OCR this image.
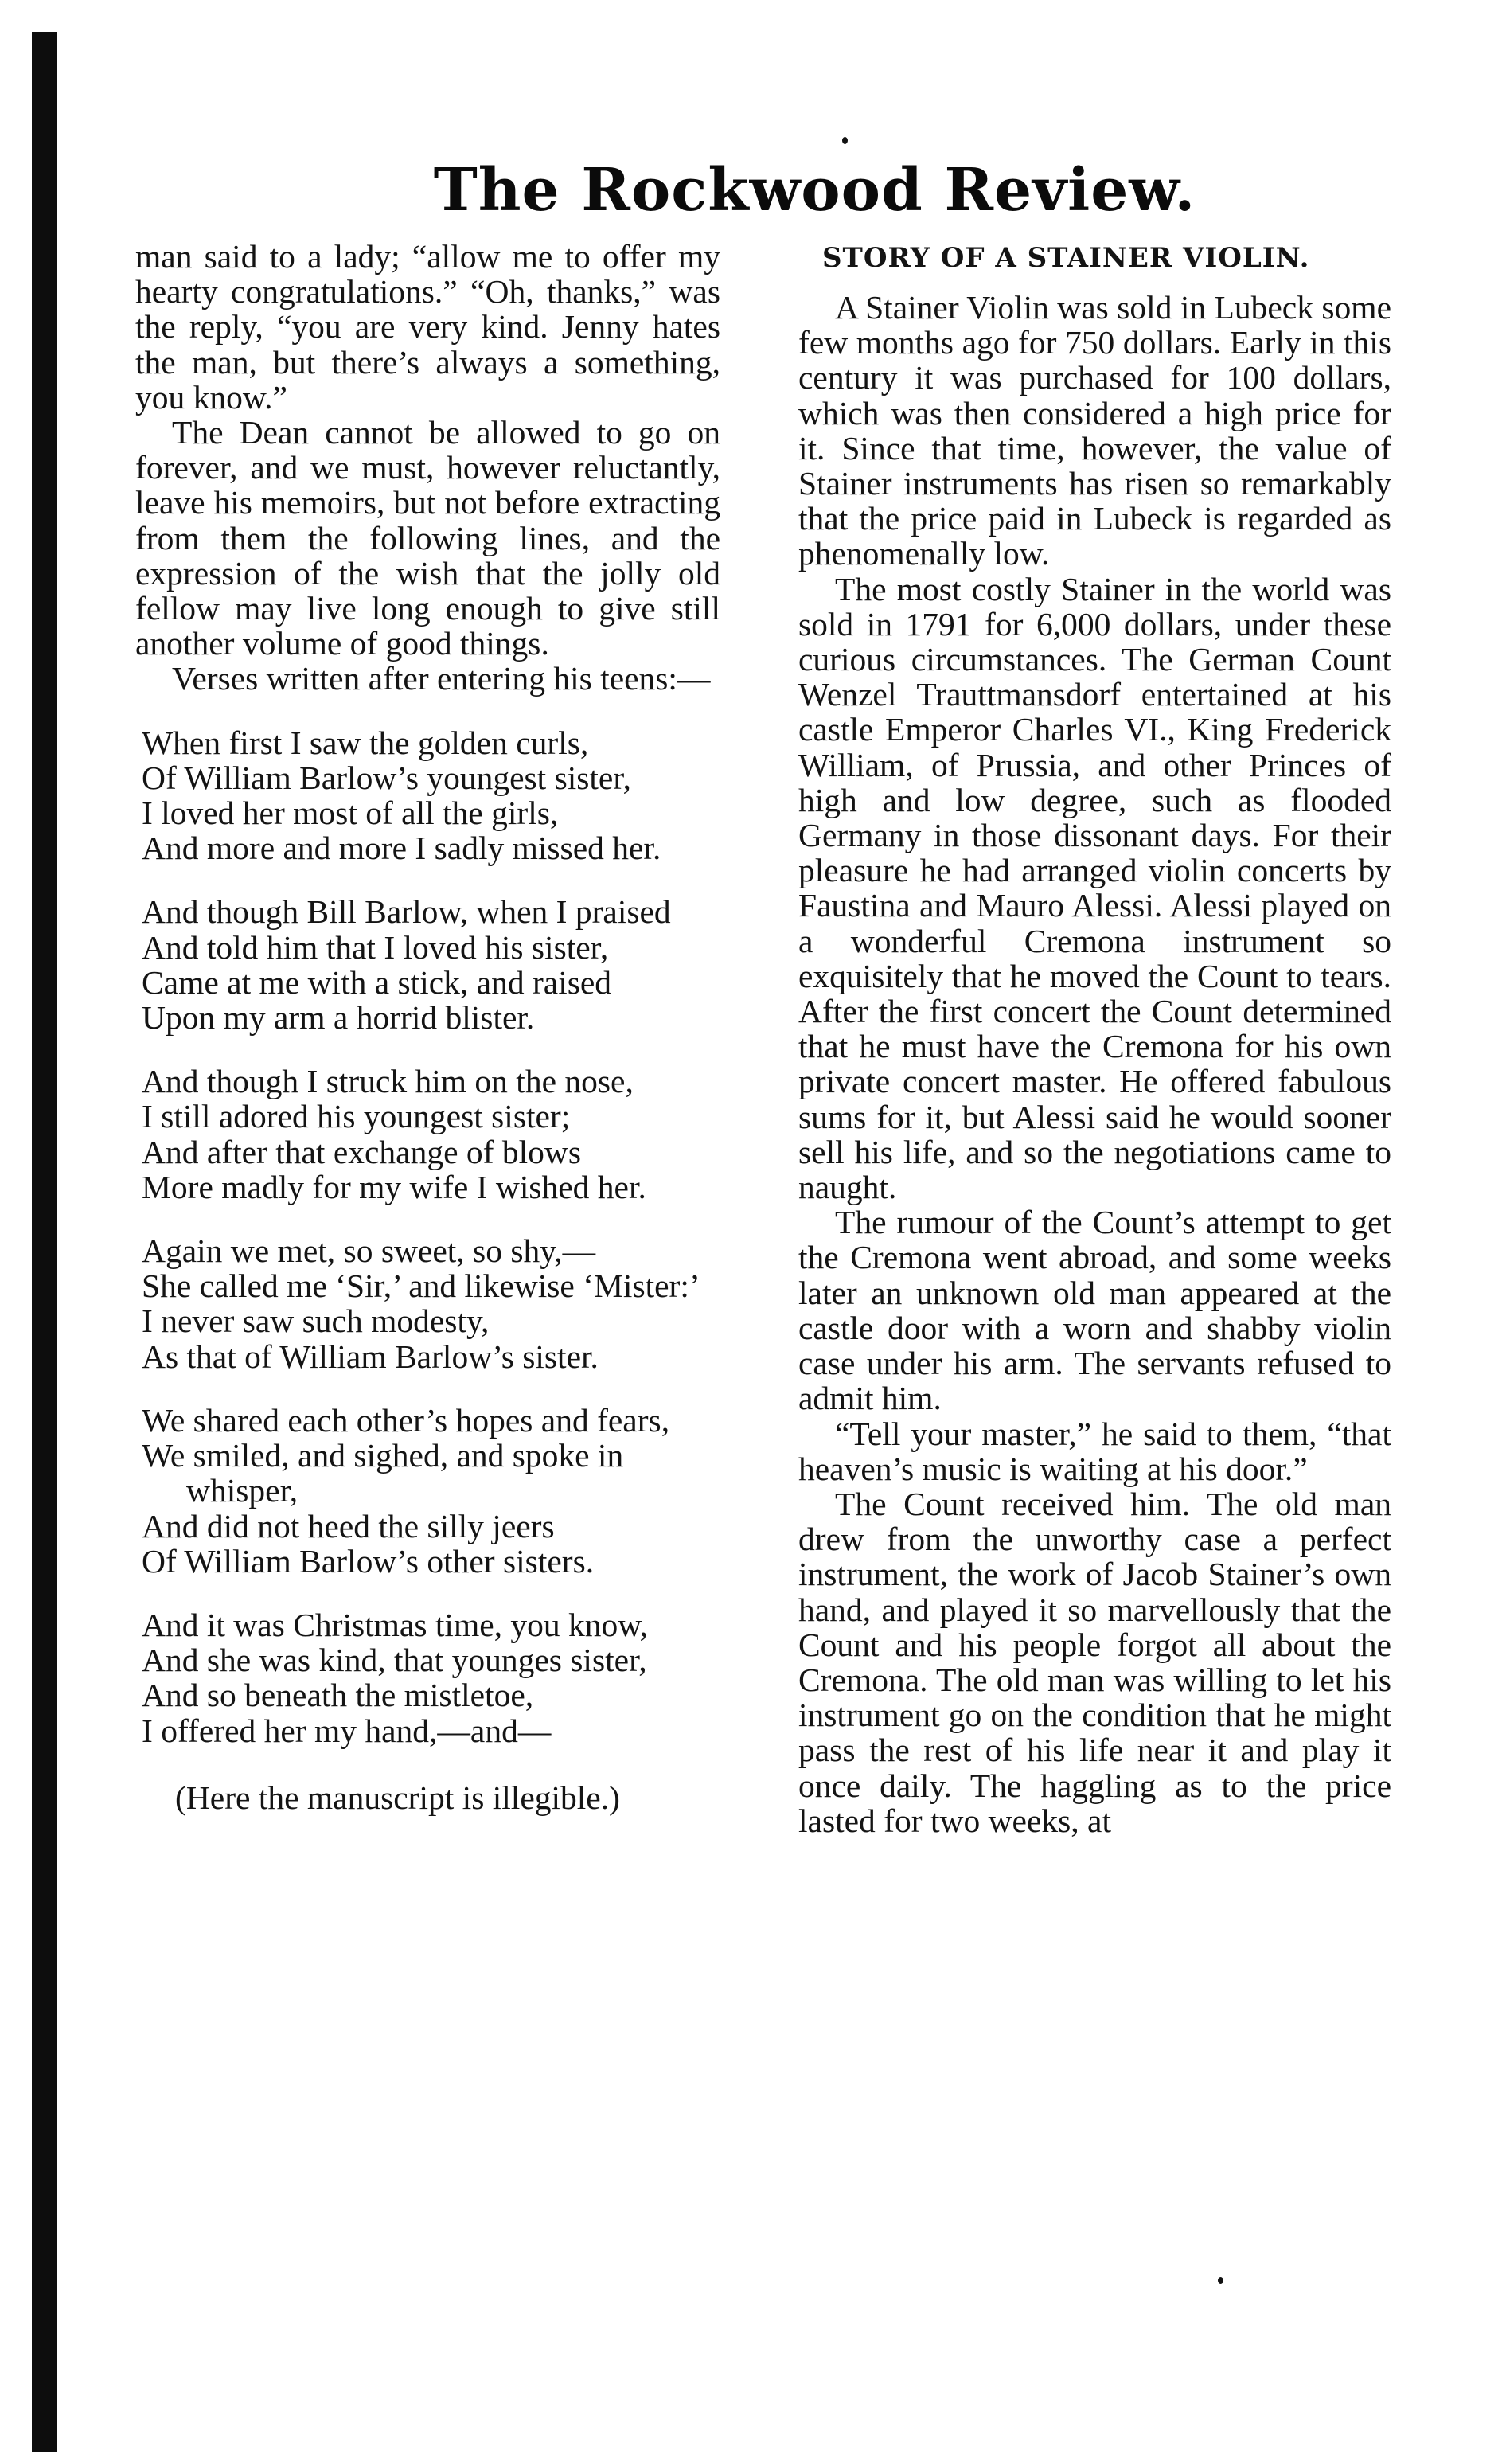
The Rockwood Review.

man said to a lady; “allow me to offer my hearty congratulations.” “Oh, thanks,” was the reply, “you are very kind. Jenny hates the man, but there’s always a something, you know.”

The Dean cannot be allowed to go on forever, and we must, however reluctantly, leave his memoirs, but not before extracting from them the following lines, and the expression of the wish that the jolly old fellow may live long enough to give still another volume of good things.

Verses written after entering his teens:—

When first I saw the golden curls,
Of William Barlow’s youngest sister,
I loved her most of all the girls,
And more and more I sadly missed her.
And though Bill Barlow, when I praised
And told him that I loved his sister,
Came at me with a stick, and raised
Upon my arm a horrid blister.
And though I struck him on the nose,
I still adored his youngest sister;
And after that exchange of blows
More madly for my wife I wished her.
Again we met, so sweet, so shy,—
She called me ‘Sir,’ and likewise ‘Mister:’
I never saw such modesty,
As that of William Barlow’s sister.
We shared each other’s hopes and fears,
We smiled, and sighed, and spoke in whisper,
And did not heed the silly jeers
Of William Barlow’s other sisters.
And it was Christmas time, you know,
And she was kind, that younges sister,
And so beneath the mistletoe,
I offered her my hand,—and—
(Here the manuscript is illegible.)
STORY OF A STAINER VIOLIN.

A Stainer Violin was sold in Lubeck some few months ago for 750 dollars. Early in this century it was purchased for 100 dollars, which was then considered a high price for it. Since that time, however, the value of Stainer instruments has risen so remarkably that the price paid in Lubeck is regarded as phenomenally low.

The most costly Stainer in the world was sold in 1791 for 6,000 dollars, under these curious circumstances. The German Count Wenzel Trauttmansdorf entertained at his castle Emperor Charles VI., King Frederick William, of Prussia, and other Princes of high and low degree, such as flooded Germany in those dissonant days. For their pleasure he had arranged violin concerts by Faustina and Mauro Alessi. Alessi played on a wonderful Cremona instrument so exquisitely that he moved the Count to tears. After the first concert the Count determined that he must have the Cremona for his own private concert master. He offered fabulous sums for it, but Alessi said he would sooner sell his life, and so the negotiations came to naught.

The rumour of the Count’s attempt to get the Cremona went abroad, and some weeks later an unknown old man appeared at the castle door with a worn and shabby violin case under his arm. The servants refused to admit him.

“Tell your master,” he said to them, “that heaven’s music is waiting at his door.”

The Count received him. The old man drew from the unworthy case a perfect instrument, the work of Jacob Stainer’s own hand, and played it so marvellously that the Count and his people forgot all about the Cremona. The old man was willing to let his instrument go on the condition that he might pass the rest of his life near it and play it once daily. The haggling as to the price lasted for two weeks, at
